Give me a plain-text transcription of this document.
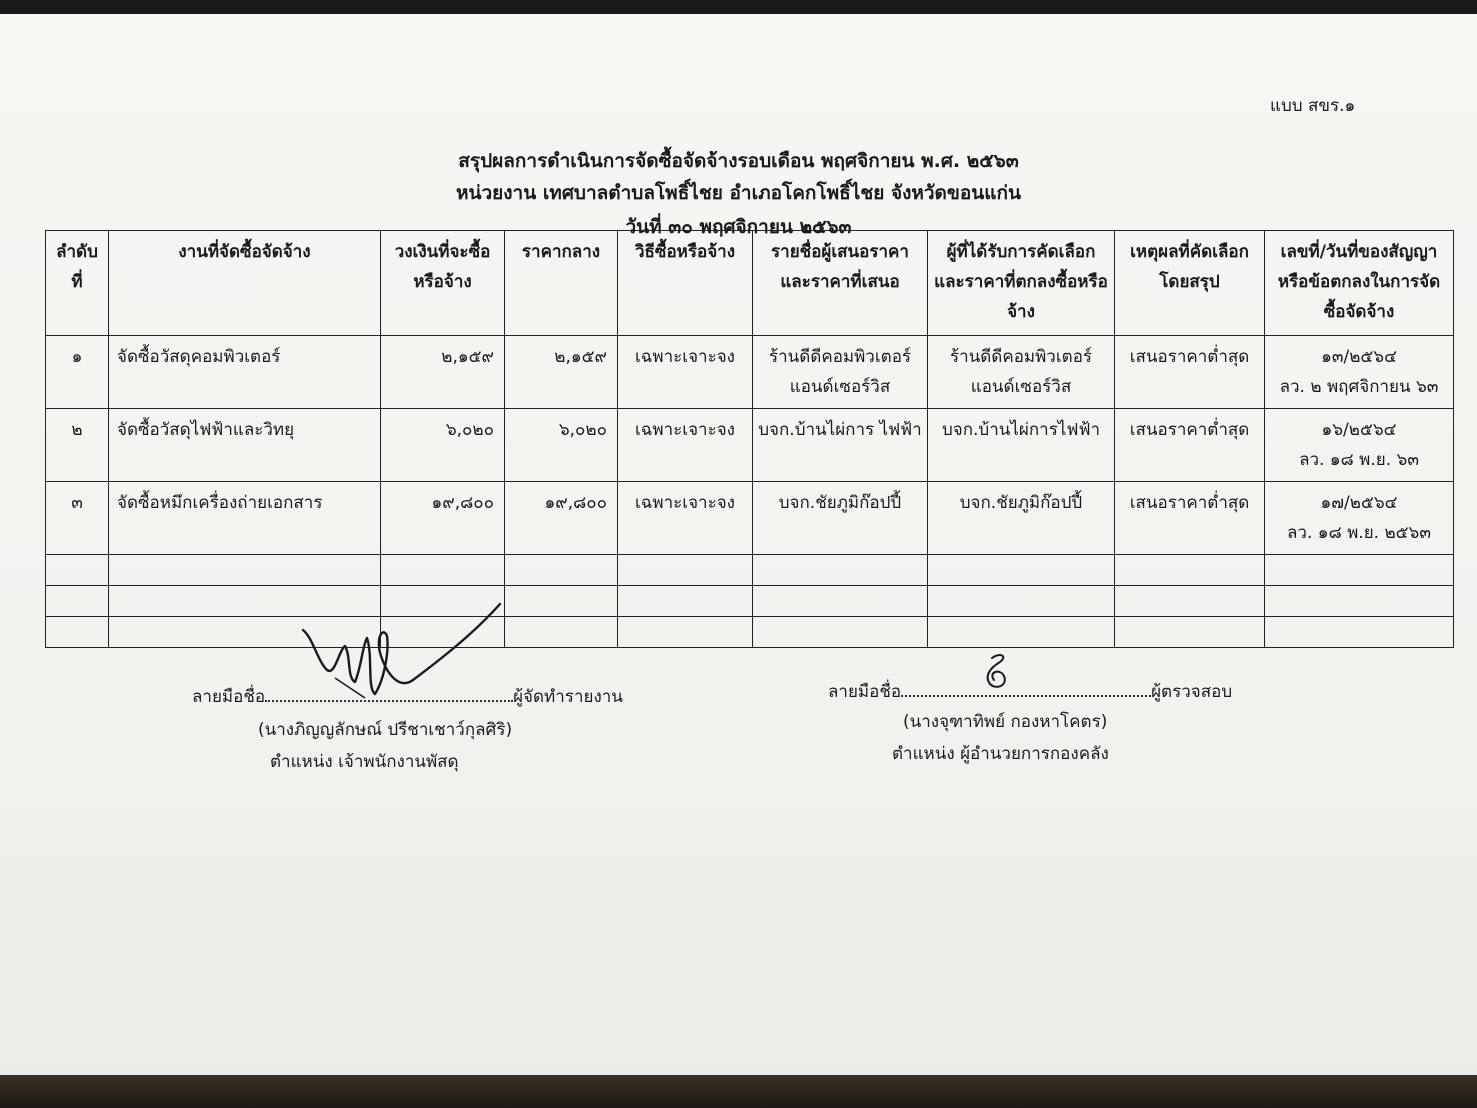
แบบ สขร.๑
สรุปผลการดำเนินการจัดซื้อจัดจ้างรอบเดือน พฤศจิกายน พ.ศ. ๒๕๖๓
หน่วยงาน เทศบาลตำบลโพธิ์ไชย อำเภอโคกโพธิ์ไชย จังหวัดขอนแก่น
วันที่ ๓๐ พฤศจิกายน ๒๕๖๓
ลำดับที่	งานที่จัดซื้อจัดจ้าง	วงเงินที่จะซื้อหรือจ้าง	ราคากลาง	วิธีซื้อหรือจ้าง	รายชื่อผู้เสนอราคาและราคาที่เสนอ	ผู้ที่ได้รับการคัดเลือกและราคาที่ตกลงซื้อหรือจ้าง	เหตุผลที่คัดเลือกโดยสรุป	เลขที่/วันที่ของสัญญาหรือข้อตกลงในการจัดซื้อจัดจ้าง
๑	จัดซื้อวัสดุคอมพิวเตอร์	๒,๑๕๙	๒,๑๕๙	เฉพาะเจาะจง	ร้านดีดีคอมพิวเตอร์ แอนด์เซอร์วิส	ร้านดีดีคอมพิวเตอร์ แอนด์เซอร์วิส	เสนอราคาต่ำสุด	๑๓/๒๕๖๔
ลว. ๒ พฤศจิกายน ๖๓

๒	จัดซื้อวัสดุไฟฟ้าและวิทยุ	๖,๐๒๐	๖,๐๒๐	เฉพาะเจาะจง	บจก.บ้านไผ่การ ไฟฟ้า	บจก.บ้านไผ่การไฟฟ้า	เสนอราคาต่ำสุด	๑๖/๒๕๖๔
ลว. ๑๘ พ.ย. ๖๓

๓	จัดซื้อหมึกเครื่องถ่ายเอกสาร	๑๙,๘๐๐	๑๙,๘๐๐	เฉพาะเจาะจง	บจก.ชัยภูมิก๊อปปี้	บจก.ชัยภูมิก๊อปปี้	เสนอราคาต่ำสุด	๑๗/๒๕๖๔
ลว. ๑๘ พ.ย. ๒๕๖๓

ลายมือชื่อ	ผู้จัดทำรายงาน
(นางภิญญลักษณ์ ปรีชาเชาว์กุลศิริ)
ตำแหน่ง เจ้าพนักงานพัสดุ
ลายมือชื่อ	ผู้ตรวจสอบ
(นางจุฑาทิพย์ กองหาโคตร)
ตำแหน่ง ผู้อำนวยการกองคลัง
